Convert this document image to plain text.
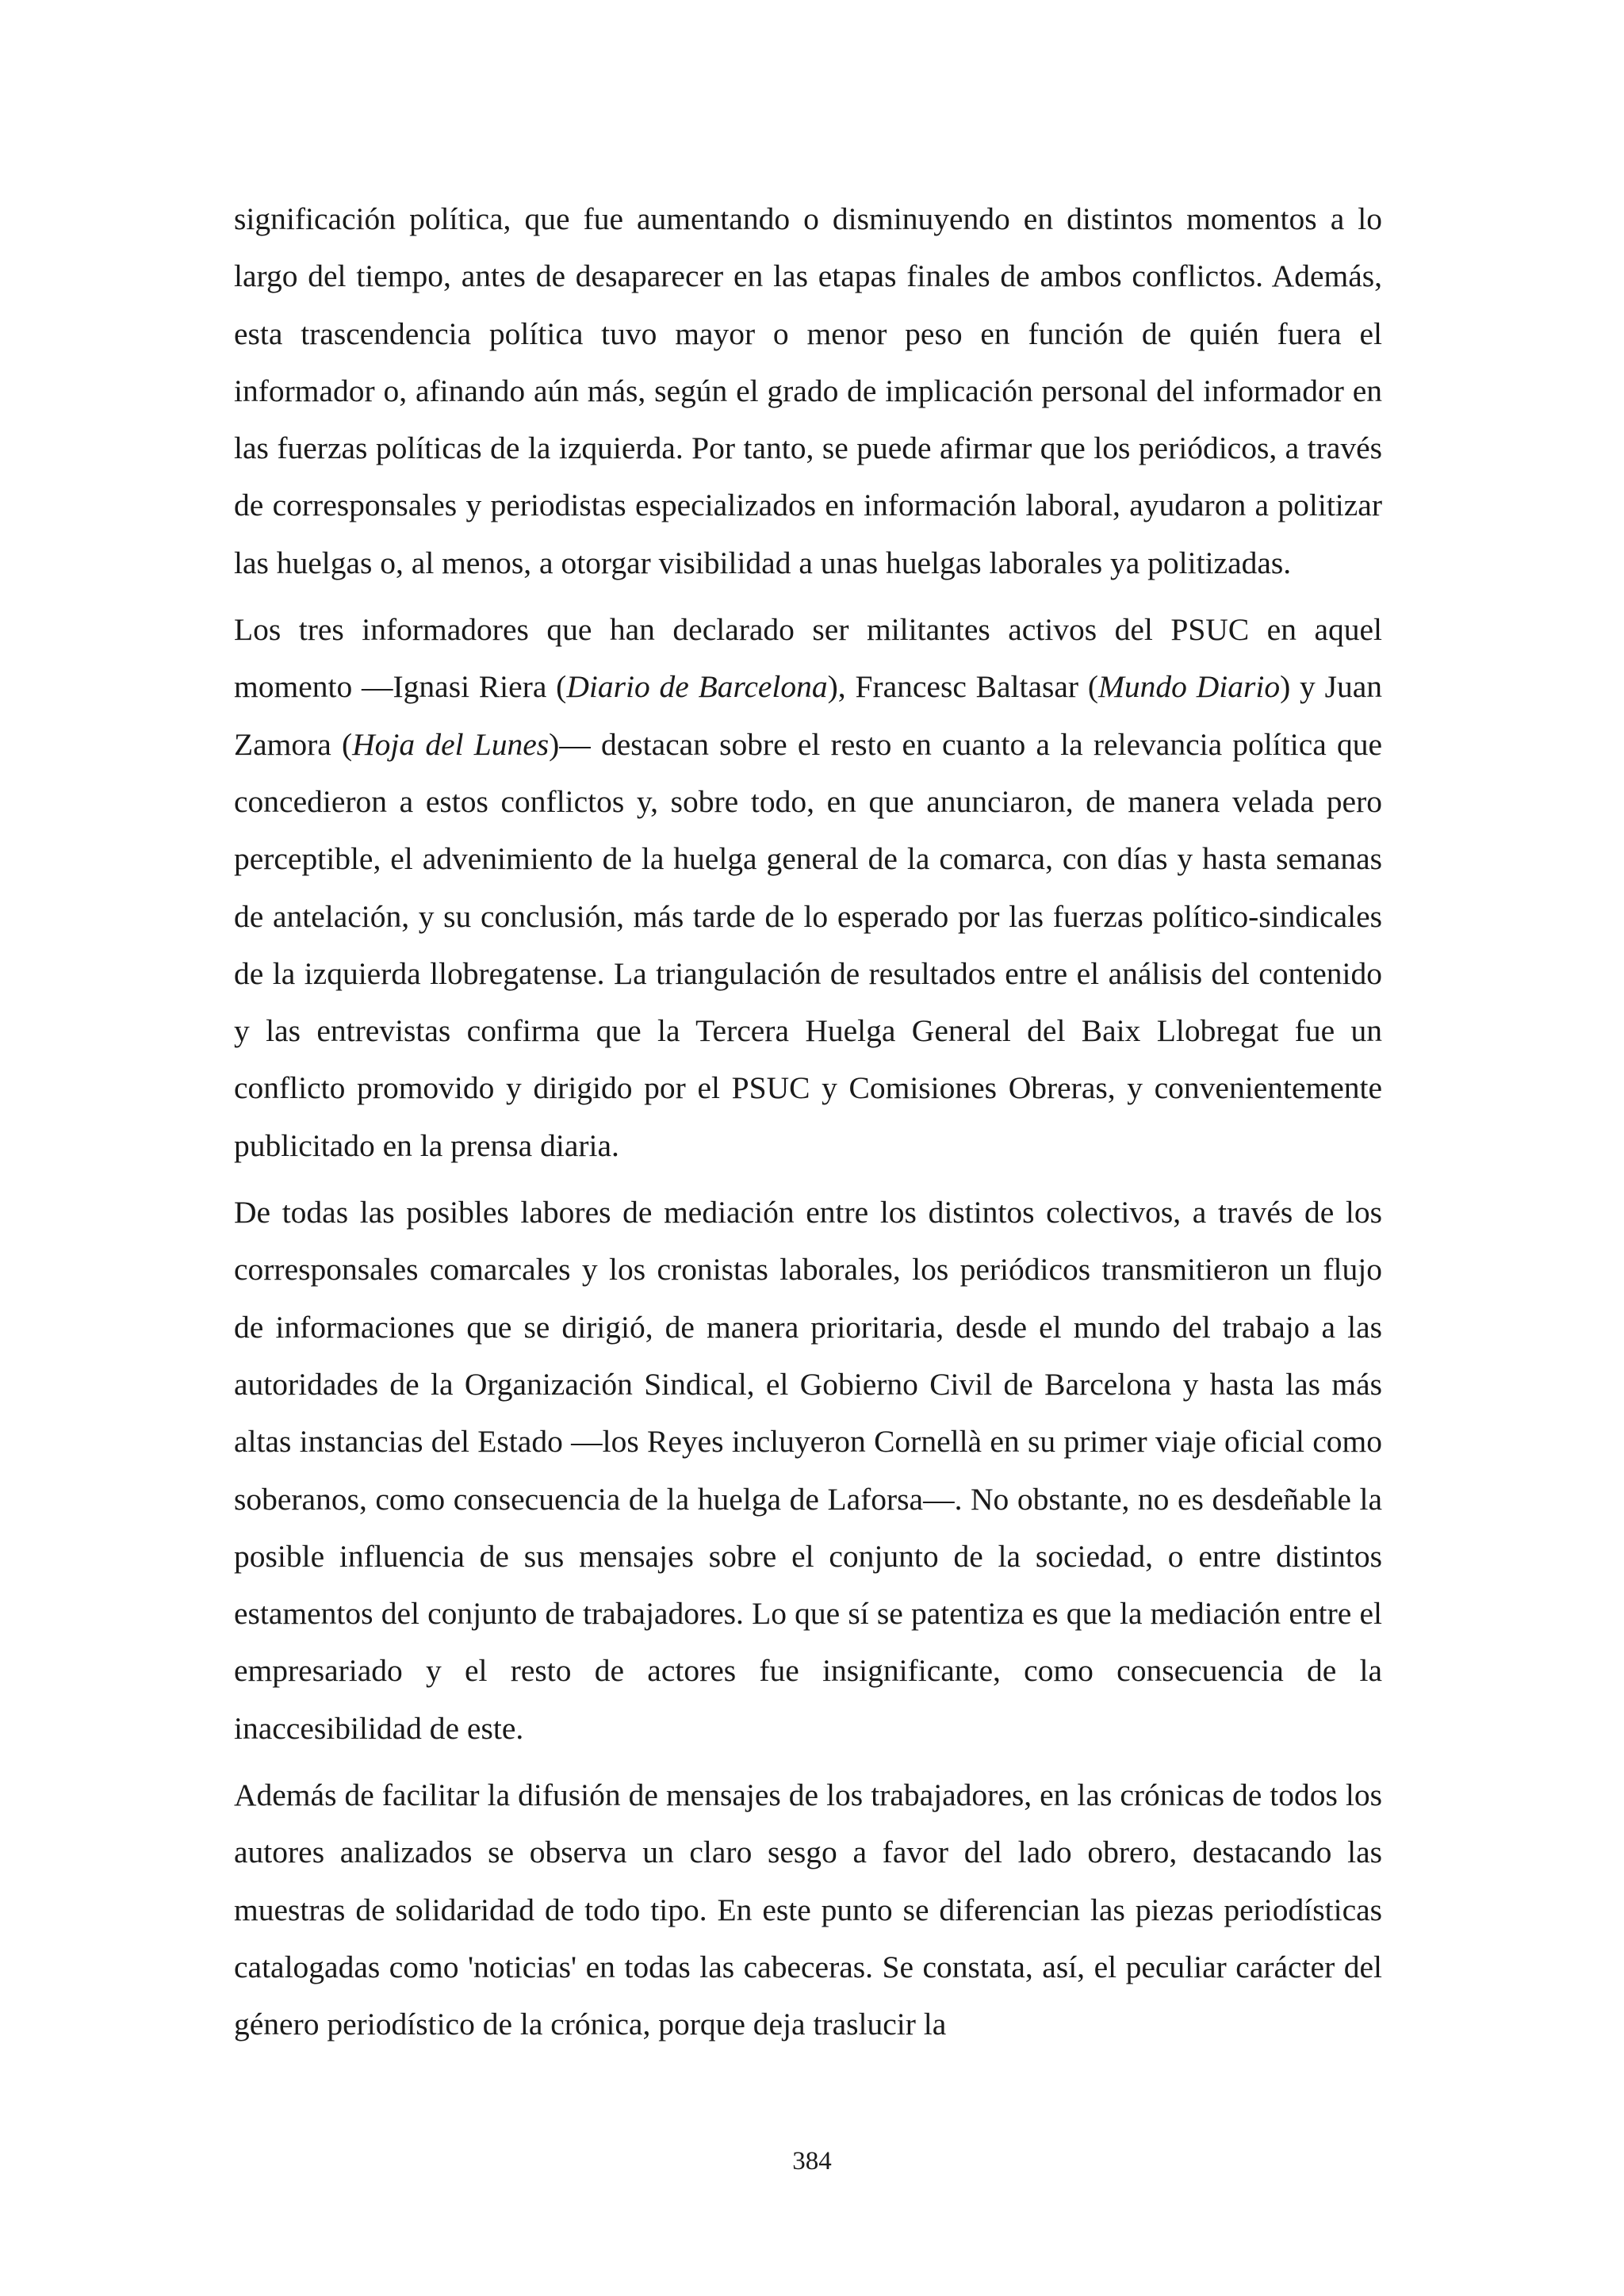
significación política, que fue aumentando o disminuyendo en distintos momentos a lo largo del tiempo, antes de desaparecer en las etapas finales de ambos conflictos. Además, esta trascendencia política tuvo mayor o menor peso en función de quién fuera el informador o, afinando aún más, según el grado de implicación personal del informador en las fuerzas políticas de la izquierda. Por tanto, se puede afirmar que los periódicos, a través de corresponsales y periodistas especializados en información laboral, ayudaron a politizar las huelgas o, al menos, a otorgar visibilidad a unas huelgas laborales ya politizadas.

Los tres informadores que han declarado ser militantes activos del PSUC en aquel momento —Ignasi Riera (Diario de Barcelona), Francesc Baltasar (Mundo Diario) y Juan Zamora (Hoja del Lunes)— destacan sobre el resto en cuanto a la relevancia política que concedieron a estos conflictos y, sobre todo, en que anunciaron, de manera velada pero perceptible, el advenimiento de la huelga general de la comarca, con días y hasta semanas de antelación, y su conclusión, más tarde de lo esperado por las fuerzas político-sindicales de la izquierda llobregatense. La triangulación de resultados entre el análisis del contenido y las entrevistas confirma que la Tercera Huelga General del Baix Llobregat fue un conflicto promovido y dirigido por el PSUC y Comisiones Obreras, y convenientemente publicitado en la prensa diaria.

De todas las posibles labores de mediación entre los distintos colectivos, a través de los corresponsales comarcales y los cronistas laborales, los periódicos transmitieron un flujo de informaciones que se dirigió, de manera prioritaria, desde el mundo del trabajo a las autoridades de la Organización Sindical, el Gobierno Civil de Barcelona y hasta las más altas instancias del Estado —los Reyes incluyeron Cornellà en su primer viaje oficial como soberanos, como consecuencia de la huelga de Laforsa—. No obstante, no es desdeñable la posible influencia de sus mensajes sobre el conjunto de la sociedad, o entre distintos estamentos del conjunto de trabajadores. Lo que sí se patentiza es que la mediación entre el empresariado y el resto de actores fue insignificante, como consecuencia de la inaccesibilidad de este.

Además de facilitar la difusión de mensajes de los trabajadores, en las crónicas de todos los autores analizados se observa un claro sesgo a favor del lado obrero, destacando las muestras de solidaridad de todo tipo. En este punto se diferencian las piezas periodísticas catalogadas como 'noticias' en todas las cabeceras. Se constata, así, el peculiar carácter del género periodístico de la crónica, porque deja traslucir la

384
